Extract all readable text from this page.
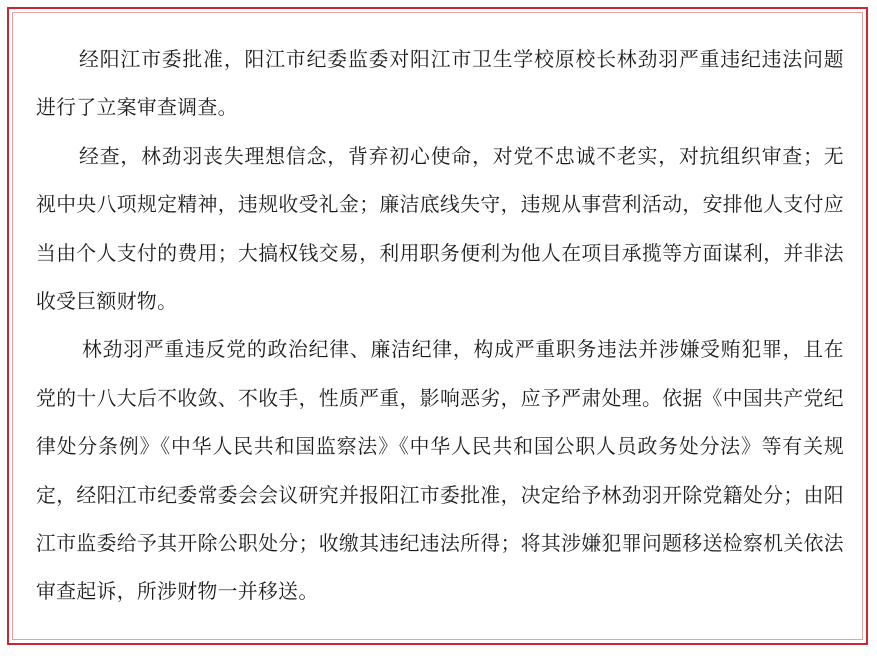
经阳江市委批准，阳江市纪委监委对阳江市卫生学校原校长林劲羽严重违纪违法问题进行了立案审查调查。

经查，林劲羽丧失理想信念，背弃初心使命，对党不忠诚不老实，对抗组织审查；无视中央八项规定精神，违规收受礼金；廉洁底线失守，违规从事营利活动，安排他人支付应当由个人支付的费用；大搞权钱交易，利用职务便利为他人在项目承揽等方面谋利，并非法收受巨额财物。

林劲羽严重违反党的政治纪律、廉洁纪律，构成严重职务违法并涉嫌受贿犯罪，且在党的十八大后不收敛、不收手，性质严重，影响恶劣，应予严肃处理。依据《中国共产党纪律处分条例》《中华人民共和国监察法》《中华人民共和国公职人员政务处分法》等有关规定，经阳江市纪委常委会会议研究并报阳江市委批准，决定给予林劲羽开除党籍处分；由阳江市监委给予其开除公职处分；收缴其违纪违法所得；将其涉嫌犯罪问题移送检察机关依法审查起诉，所涉财物一并移送。
